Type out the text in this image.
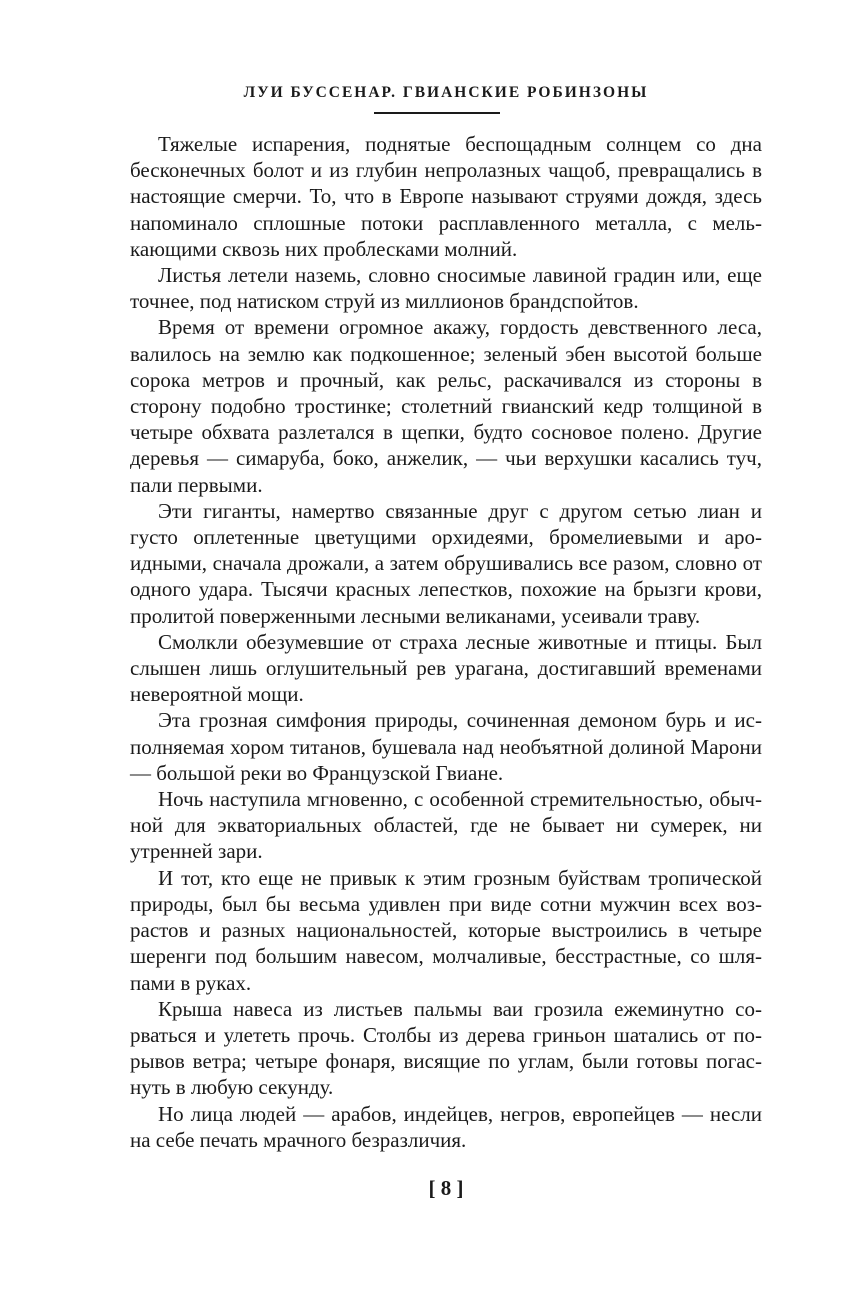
ЛУИ БУССЕНАР. ГВИАНСКИЕ РОБИНЗОНЫ

Тяжелые испарения, поднятые беспощадным солнцем со дна бесконечных болот и из глубин непролазных чащоб, превращались в настоящие смерчи. То, что в Европе называют струями дождя, здесь напоминало сплошные потоки расплавленного металла, с мелькающими сквозь них проблесками молний.

Листья летели наземь, словно сносимые лавиной градин или, еще точнее, под натиском струй из миллионов брандспойтов.

Время от времени огромное акажу, гордость девственного леса, валилось на землю как подкошенное; зеленый эбен высотой больше сорока метров и прочный, как рельс, раскачивался из стороны в сторону подобно тростинке; столетний гвианский кедр толщиной в четыре обхвата разлетался в щепки, будто сосновое полено. Другие деревья — симаруба, боко, анжелик, — чьи верхушки касались туч, пали первыми.

Эти гиганты, намертво связанные друг с другом сетью лиан и густо оплетенные цветущими орхидеями, бромелиевыми и ароидными, сначала дрожали, а затем обрушивались все разом, словно от одного удара. Тысячи красных лепестков, похожие на брызги крови, пролитой поверженными лесными великанами, усеивали траву.

Смолкли обезумевшие от страха лесные животные и птицы. Был слышен лишь оглушительный рев урагана, достигавший временами невероятной мощи.

Эта грозная симфония природы, сочиненная демоном бурь и исполняемая хором титанов, бушевала над необъятной долиной Марони — большой реки во Французской Гвиане.

Ночь наступила мгновенно, с особенной стремительностью, обычной для экваториальных областей, где не бывает ни сумерек, ни утренней зари.

И тот, кто еще не привык к этим грозным буйствам тропической природы, был бы весьма удивлен при виде сотни мужчин всех возрастов и разных национальностей, которые выстроились в четыре шеренги под большим навесом, молчаливые, бесстрастные, со шляпами в руках.

Крыша навеса из листьев пальмы ваи грозила ежеминутно сорваться и улететь прочь. Столбы из дерева гриньон шатались от порывов ветра; четыре фонаря, висящие по углам, были готовы погаснуть в любую секунду.

Но лица людей — арабов, индейцев, негров, европейцев — несли на себе печать мрачного безразличия.

[ 8 ]
